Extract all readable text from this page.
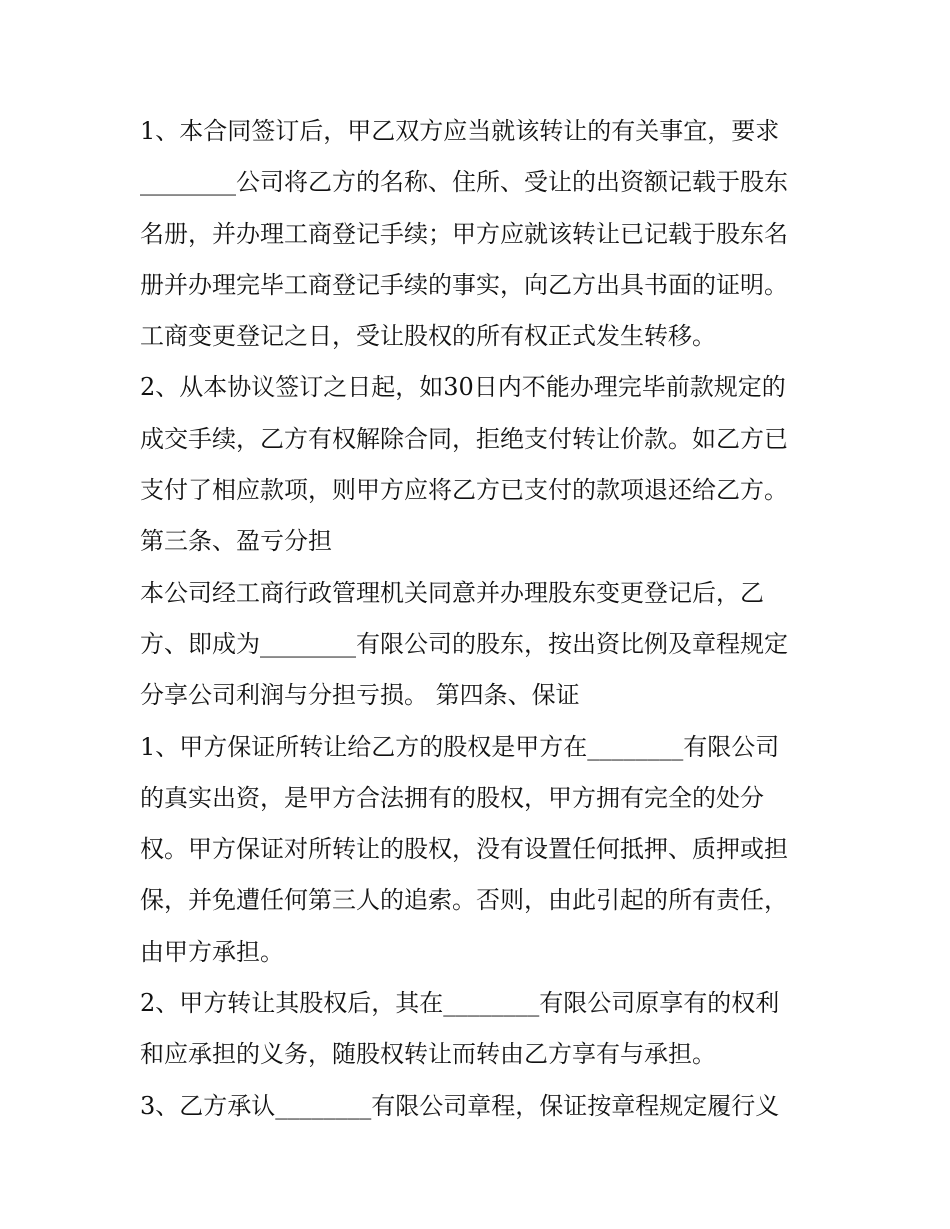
1、本合同签订后，甲乙双方应当就该转让的有关事宜，要求
________公司将乙方的名称、住所、受让的出资额记载于股东
名册，并办理工商登记手续；甲方应就该转让已记载于股东名
册并办理完毕工商登记手续的事实，向乙方出具书面的证明。
工商变更登记之日，受让股权的所有权正式发生转移。
2、从本协议签订之日起，如30日内不能办理完毕前款规定的
成交手续，乙方有权解除合同，拒绝支付转让价款。如乙方已
支付了相应款项，则甲方应将乙方已支付的款项退还给乙方。
第三条、盈亏分担
本公司经工商行政管理机关同意并办理股东变更登记后，乙
方、即成为________有限公司的股东，按出资比例及章程规定
分享公司利润与分担亏损。 第四条、保证
1、甲方保证所转让给乙方的股权是甲方在________有限公司
的真实出资，是甲方合法拥有的股权，甲方拥有完全的处分
权。甲方保证对所转让的股权，没有设置任何抵押、质押或担
保，并免遭任何第三人的追索。否则，由此引起的所有责任，
由甲方承担。
2、甲方转让其股权后，其在________有限公司原享有的权利
和应承担的义务，随股权转让而转由乙方享有与承担。
3、乙方承认________有限公司章程，保证按章程规定履行义
